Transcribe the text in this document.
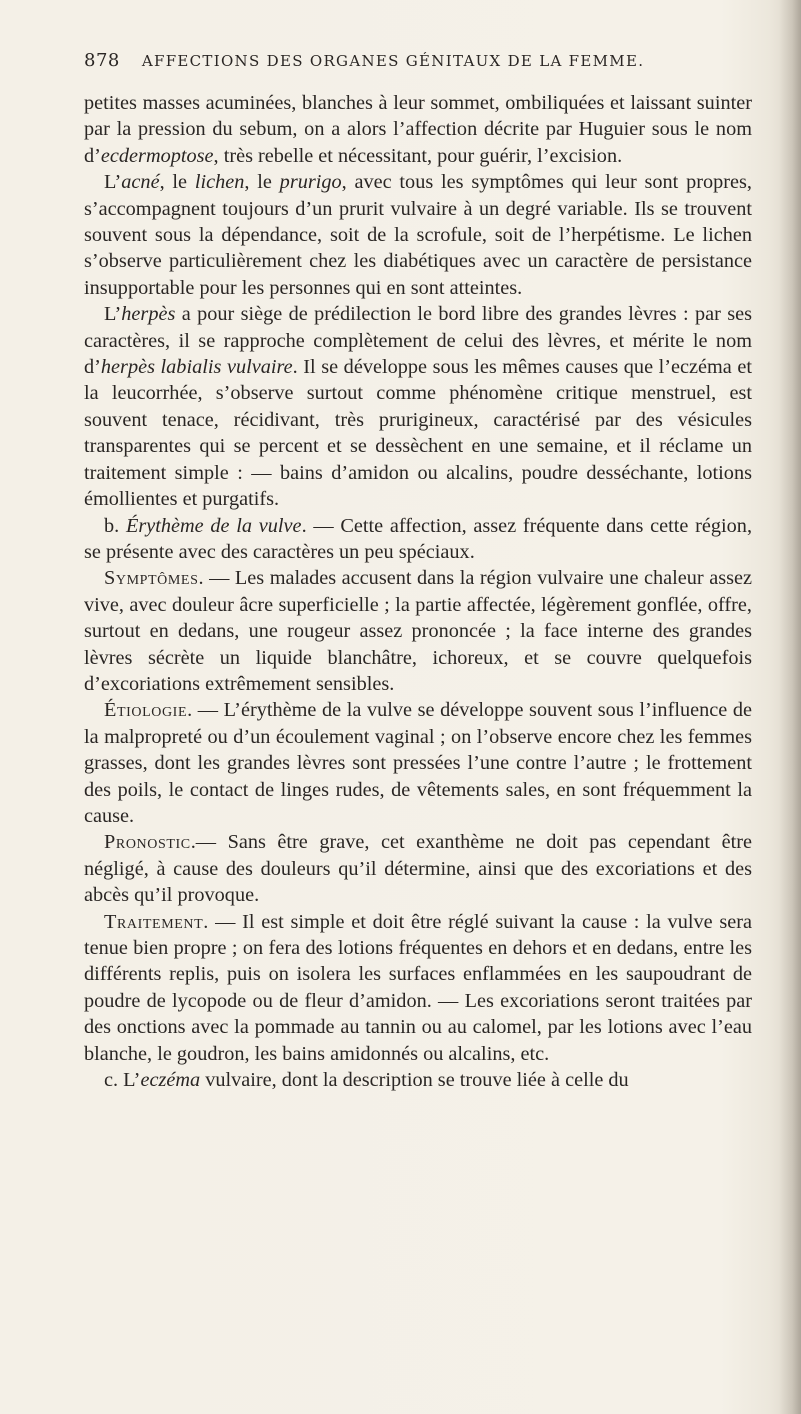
878 AFFECTIONS DES ORGANES GÉNITAUX DE LA FEMME.

petites masses acuminées, blanches à leur sommet, ombiliquées et laissant suinter par la pression du sebum, on a alors l’affection décrite par Huguier sous le nom d’ecdermoptose, très rebelle et nécessitant, pour guérir, l’excision.

L’acné, le lichen, le prurigo, avec tous les symptômes qui leur sont propres, s’accompagnent toujours d’un prurit vulvaire à un degré variable. Ils se trouvent souvent sous la dépendance, soit de la scrofule, soit de l’herpétisme. Le lichen s’observe particulièrement chez les diabétiques avec un caractère de persistance insupportable pour les personnes qui en sont atteintes.

L’herpès a pour siège de prédilection le bord libre des grandes lèvres : par ses caractères, il se rapproche complètement de celui des lèvres, et mérite le nom d’herpès labialis vulvaire. Il se développe sous les mêmes causes que l’eczéma et la leucorrhée, s’observe surtout comme phénomène critique menstruel, est souvent tenace, récidivant, très prurigineux, caractérisé par des vésicules transparentes qui se percent et se dessèchent en une semaine, et il réclame un traitement simple : — bains d’amidon ou alcalins, poudre desséchante, lotions émollientes et purgatifs.

b. Érythème de la vulve. — Cette affection, assez fréquente dans cette région, se présente avec des caractères un peu spéciaux.

Symptômes. — Les malades accusent dans la région vulvaire une chaleur assez vive, avec douleur âcre superficielle ; la partie affectée, légèrement gonflée, offre, surtout en dedans, une rougeur assez prononcée ; la face interne des grandes lèvres sécrète un liquide blanchâtre, ichoreux, et se couvre quelquefois d’excoriations extrêmement sensibles.

Étiologie. — L’érythème de la vulve se développe souvent sous l’influence de la malpropreté ou d’un écoulement vaginal ; on l’observe encore chez les femmes grasses, dont les grandes lèvres sont pressées l’une contre l’autre ; le frottement des poils, le contact de linges rudes, de vêtements sales, en sont fréquemment la cause.

Pronostic.— Sans être grave, cet exanthème ne doit pas cependant être négligé, à cause des douleurs qu’il détermine, ainsi que des excoriations et des abcès qu’il provoque.

Traitement. — Il est simple et doit être réglé suivant la cause : la vulve sera tenue bien propre ; on fera des lotions fréquentes en dehors et en dedans, entre les différents replis, puis on isolera les surfaces enflammées en les saupoudrant de poudre de lycopode ou de fleur d’amidon. — Les excoriations seront traitées par des onctions avec la pommade au tannin ou au calomel, par les lotions avec l’eau blanche, le goudron, les bains amidonnés ou alcalins, etc.

c. L’eczéma vulvaire, dont la description se trouve liée à celle du
